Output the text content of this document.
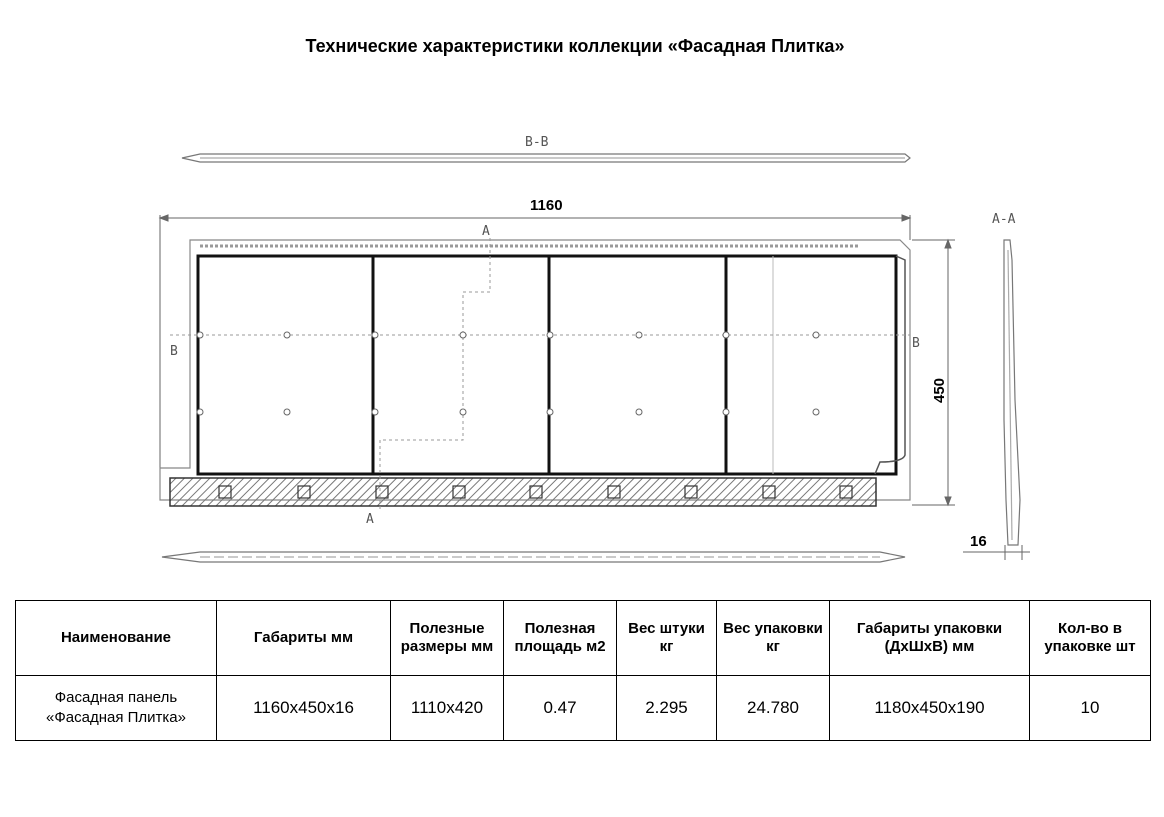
Технические характеристики коллекции «Фасадная Плитка»
B-B
1160
A
A
B
B
450
A-A
16
Наименование	Габариты мм	Полезные размеры мм	Полезная площадь м2	Вес штуки кг	Вес упаковки кг	Габариты упаковки (ДхШхВ) мм	Кол-во в упаковке шт

Фасадная панель
«Фасадная Плитка»	1160x450x16	1110x420	0.47	2.295	24.780	1180x450x190	10
